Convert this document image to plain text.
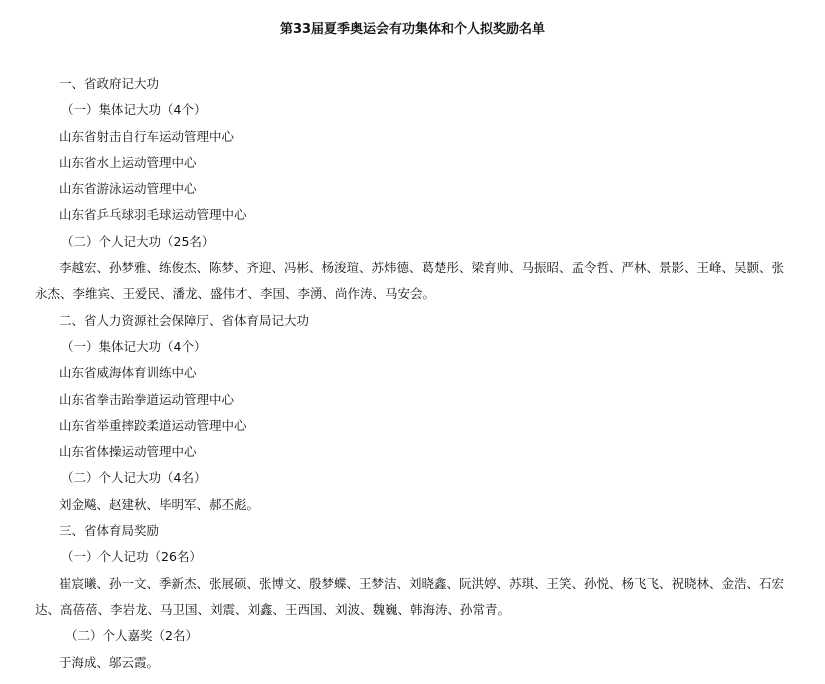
第33届夏季奥运会有功集体和个人拟奖励名单
一、省政府记大功
（一）集体记大功（4个）
山东省射击自行车运动管理中心
山东省水上运动管理中心
山东省游泳运动管理中心
山东省乒乓球羽毛球运动管理中心
（二）个人记大功（25名）
李越宏、孙梦雅、练俊杰、陈梦、齐迎、冯彬、杨浚瑄、苏炜德、葛楚彤、梁育帅、马振昭、孟令哲、严林、景影、王峰、吴颢、张永杰、李维宾、王爱民、潘龙、盛伟才、李国、李湧、尚作涛、马安会。
二、省人力资源社会保障厅、省体育局记大功
（一）集体记大功（4个）
山东省威海体育训练中心
山东省拳击跆拳道运动管理中心
山东省举重摔跤柔道运动管理中心
山东省体操运动管理中心
（二）个人记大功（4名）
刘金飚、赵建秋、毕明军、郝丕彪。
三、省体育局奖励
（一）个人记功（26名）
崔宸曦、孙一文、季新杰、张展硕、张博文、殷梦蝶、王梦洁、刘晓鑫、阮洪婷、苏琪、王笑、孙悦、杨飞飞、祝晓林、金浩、石宏达、高蓓蓓、李岩龙、马卫国、刘震、刘鑫、王西国、刘波、魏巍、韩海涛、孙常青。
（二）个人嘉奖（2名）
于海成、邬云霞。
